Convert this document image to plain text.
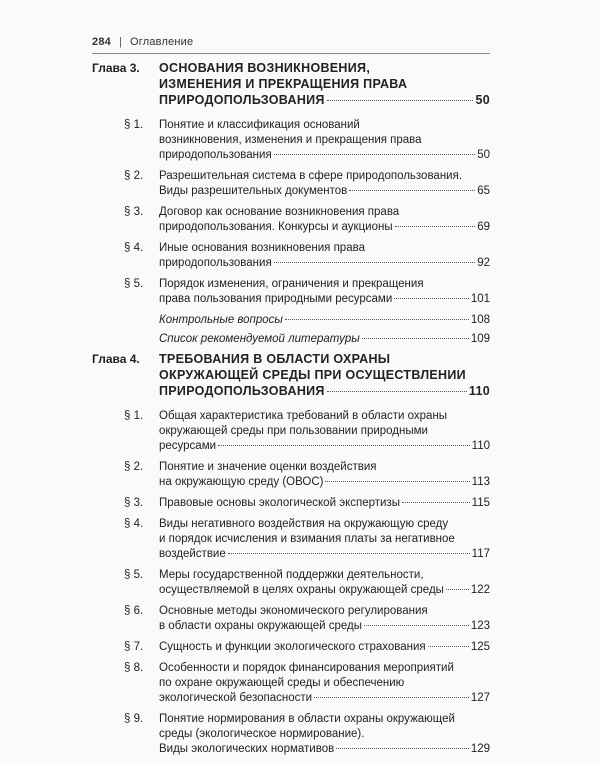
284 | Оглавление
Глава 3.	ОСНОВАНИЯ ВОЗНИКНОВЕНИЯ,
ИЗМЕНЕНИЯ И ПРЕКРАЩЕНИЯ ПРАВА
ПРИРОДОПОЛЬЗОВАНИЯ	50
§ 1.	Понятие и классификация оснований
возникновения, изменения и прекращения права
природопользования	50
§ 2.	Разрешительная система в сфере природопользования.
Виды разрешительных документов	65
§ 3.	Договор как основание возникновения права
природопользования. Конкурсы и аукционы	69
§ 4.	Иные основания возникновения права
природопользования	92
§ 5.	Порядок изменения, ограничения и прекращения
права пользования природными ресурсами	101
Контрольные вопросы	108
Список рекомендуемой литературы	109
Глава 4.	ТРЕБОВАНИЯ В ОБЛАСТИ ОХРАНЫ
ОКРУЖАЮЩЕЙ СРЕДЫ ПРИ ОСУЩЕСТВЛЕНИИ
ПРИРОДОПОЛЬЗОВАНИЯ	110
§ 1.	Общая характеристика требований в области охраны
окружающей среды при пользовании природными
ресурсами	110
§ 2.	Понятие и значение оценки воздействия
на окружающую среду (ОВОС)	113
§ 3.	Правовые основы экологической экспертизы	115
§ 4.	Виды негативного воздействия на окружающую среду
и порядок исчисления и взимания платы за негативное
воздействие	117
§ 5.	Меры государственной поддержки деятельности,
осуществляемой в целях охраны окружающей среды 122
§ 6.	Основные методы экономического регулирования
в области охраны окружающей среды	123
§ 7.	Сущность и функции экологического страхования	125
§ 8.	Особенности и порядок финансирования мероприятий
по охране окружающей среды и обеспечению
экологической безопасности	127
§ 9.	Понятие нормирования в области охраны окружающей
среды (экологическое нормирование).
Виды экологических нормативов	129
